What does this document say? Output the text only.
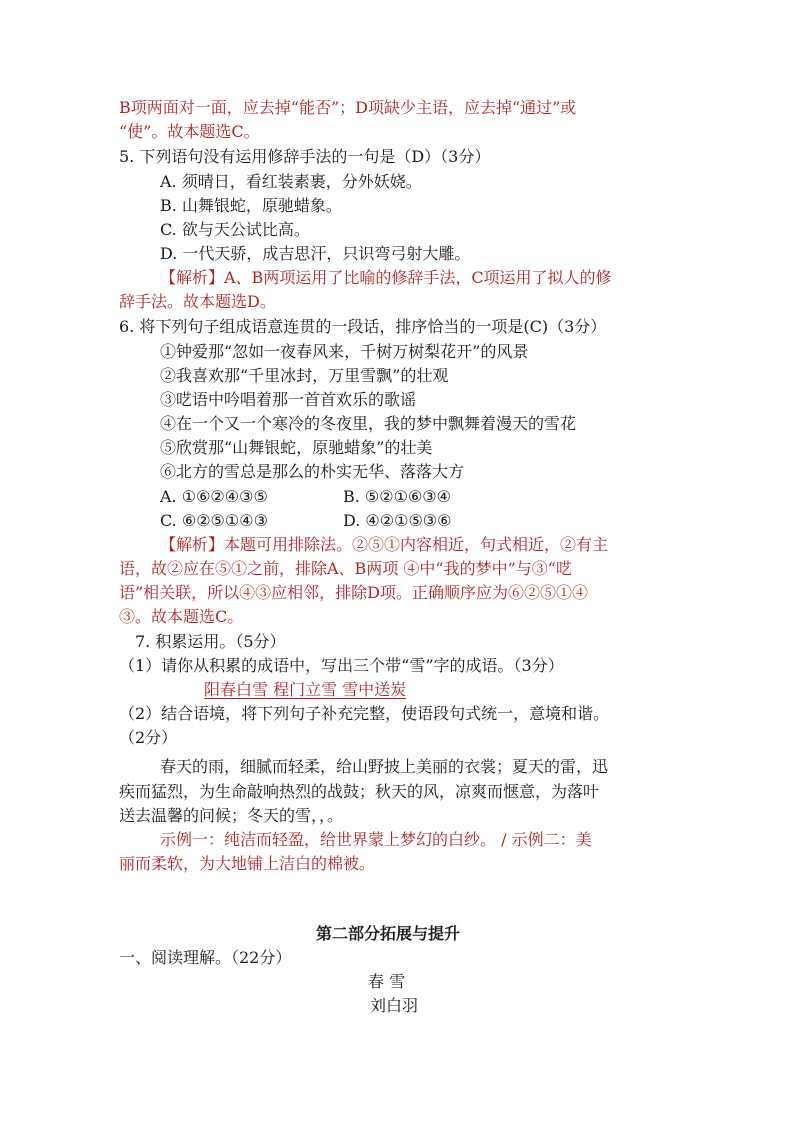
B项两面对一面，应去掉“能否”；D项缺少主语，应去掉“通过”或
“使”。故本题选C。
5. 下列语句没有运用修辞手法的一句是（D）（3分）
A. 须晴日，看红装素裹，分外妖娆。
B. 山舞银蛇，原驰蜡象。
C. 欲与天公试比高。
D. 一代天骄，成吉思汗，只识弯弓射大雕。
【解析】A、B两项运用了比喻的修辞手法，C项运用了拟人的修
辞手法。故本题选D。
6. 将下列句子组成语意连贯的一段话，排序恰当的一项是(C)（3分）
①钟爱那“忽如一夜春风来，千树万树梨花开”的风景
②我喜欢那“千里冰封，万里雪飘”的壮观
③呓语中吟唱着那一首首欢乐的歌谣
④在一个又一个寒冷的冬夜里，我的梦中飘舞着漫天的雪花
⑤欣赏那“山舞银蛇，原驰蜡象”的壮美
⑥北方的雪总是那么的朴实无华、落落大方
A. ①⑥②④③⑤	B. ⑤②①⑥③④
C. ⑥②⑤①④③	D. ④②①⑤③⑥
【解析】本题可用排除法。②⑤①内容相近，句式相近，②有主
语，故②应在⑤①之前，排除A、B两项 ④中“我的梦中”与③“呓
语”相关联，所以④③应相邻，排除D项。正确顺序应为⑥②⑤①④
③。故本题选C。
7. 积累运用。（5分）
（1）请你从积累的成语中，写出三个带“雪”字的成语。（3分）
阳春白雪 程门立雪 雪中送炭
（2）结合语境，将下列句子补充完整，使语段句式统一，意境和谐。
（2分）
春天的雨，细腻而轻柔，给山野披上美丽的衣裳；夏天的雷，迅
疾而猛烈，为生命敲响热烈的战鼓；秋天的风，凉爽而惬意，为落叶
送去温馨的问候；冬天的雪，，。
示例一：纯洁而轻盈，给世界蒙上梦幻的白纱。 / 示例二：美
丽而柔软，为大地铺上洁白的棉被。
第二部分拓展与提升
一、阅读理解。（22分）
春 雪
刘白羽
